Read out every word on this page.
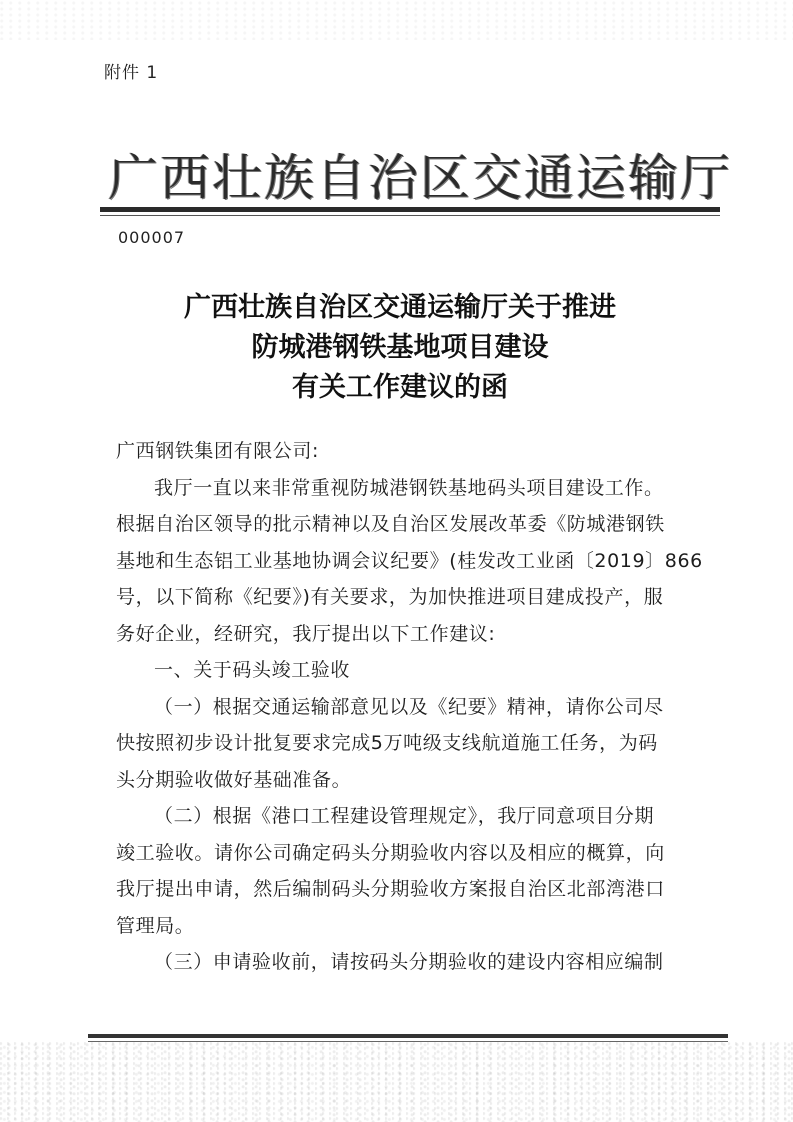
附件 1
广西壮族自治区交通运输厅
000007
广西壮族自治区交通运输厅关于推进
防城港钢铁基地项目建设
有关工作建议的函
广西钢铁集团有限公司:
我厅一直以来非常重视防城港钢铁基地码头项目建设工作。
根据自治区领导的批示精神以及自治区发展改革委《防城港钢铁
基地和生态铝工业基地协调会议纪要》(桂发改工业函〔2019〕866
号，以下简称《纪要》)有关要求，为加快推进项目建成投产，服
务好企业，经研究，我厅提出以下工作建议:
一、关于码头竣工验收
（一）根据交通运输部意见以及《纪要》精神，请你公司尽
快按照初步设计批复要求完成5万吨级支线航道施工任务，为码
头分期验收做好基础准备。
（二）根据《港口工程建设管理规定》，我厅同意项目分期
竣工验收。请你公司确定码头分期验收内容以及相应的概算，向
我厅提出申请，然后编制码头分期验收方案报自治区北部湾港口
管理局。
（三）申请验收前，请按码头分期验收的建设内容相应编制
